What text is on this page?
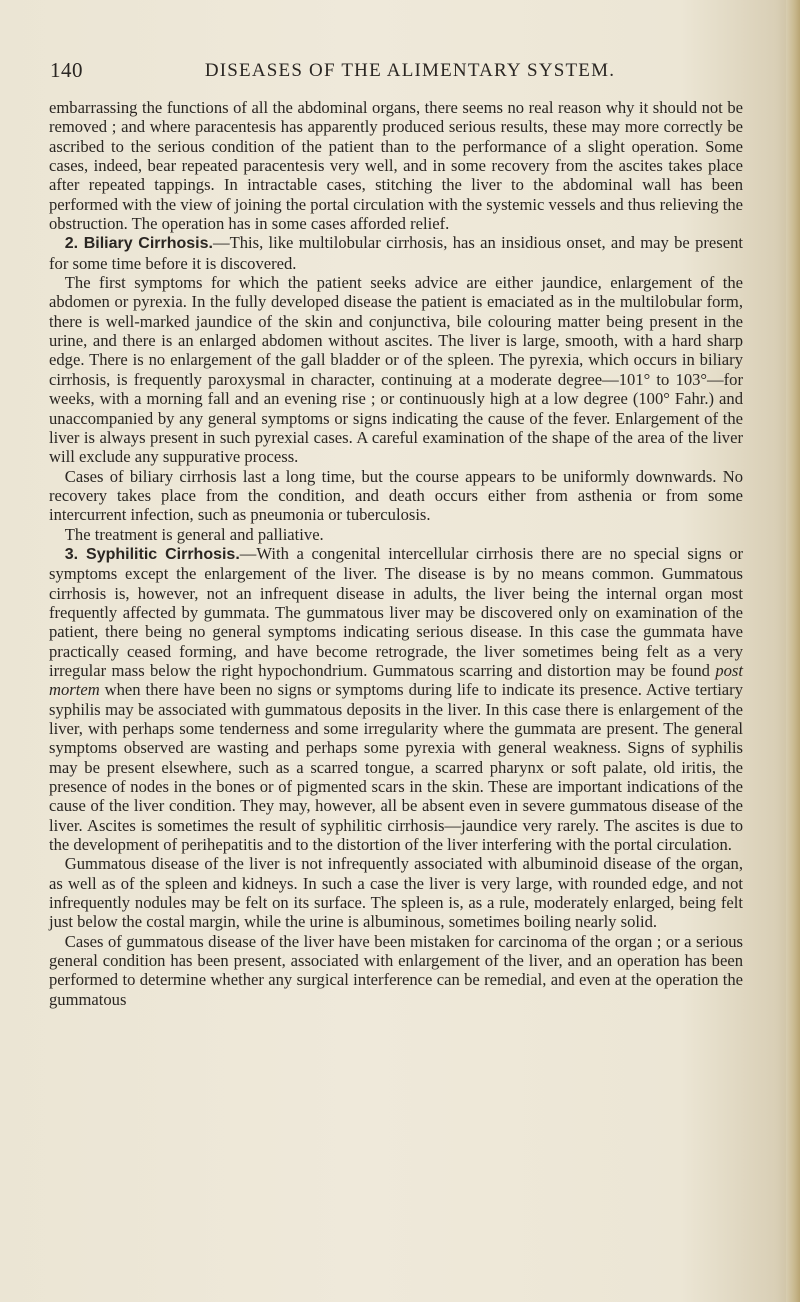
140	DISEASES OF THE ALIMENTARY SYSTEM.

embarrassing the functions of all the abdominal organs, there seems no real reason why it should not be removed ; and where paracentesis has apparently produced serious results, these may more correctly be ascribed to the serious condition of the patient than to the performance of a slight operation. Some cases, indeed, bear repeated paracentesis very well, and in some recovery from the ascites takes place after repeated tappings. In intractable cases, stitching the liver to the abdominal wall has been performed with the view of joining the portal circulation with the systemic vessels and thus relieving the obstruction. The operation has in some cases afforded relief.

2. Biliary Cirrhosis.—This, like multilobular cirrhosis, has an insidious onset, and may be present for some time before it is discovered.

The first symptoms for which the patient seeks advice are either jaundice, enlargement of the abdomen or pyrexia. In the fully developed disease the patient is emaciated as in the multilobular form, there is well-marked jaundice of the skin and conjunctiva, bile colouring matter being present in the urine, and there is an enlarged abdomen without ascites. The liver is large, smooth, with a hard sharp edge. There is no enlargement of the gall bladder or of the spleen. The pyrexia, which occurs in biliary cirrhosis, is frequently paroxysmal in character, continuing at a moderate degree—101° to 103°—for weeks, with a morning fall and an evening rise ; or continuously high at a low degree (100° Fahr.) and unaccompanied by any general symptoms or signs indicating the cause of the fever. Enlargement of the liver is always present in such pyrexial cases. A careful examination of the shape of the area of the liver will exclude any suppurative process.

Cases of biliary cirrhosis last a long time, but the course appears to be uniformly downwards. No recovery takes place from the condition, and death occurs either from asthenia or from some intercurrent infection, such as pneumonia or tuberculosis.

The treatment is general and palliative.

3. Syphilitic Cirrhosis.—With a congenital intercellular cirrhosis there are no special signs or symptoms except the enlargement of the liver. The disease is by no means common. Gummatous cirrhosis is, however, not an infrequent disease in adults, the liver being the internal organ most frequently affected by gummata. The gummatous liver may be discovered only on examination of the patient, there being no general symptoms indicating serious disease. In this case the gummata have practically ceased forming, and have become retrograde, the liver sometimes being felt as a very irregular mass below the right hypochondrium. Gummatous scarring and distortion may be found post mortem when there have been no signs or symptoms during life to indicate its presence. Active tertiary syphilis may be associated with gummatous deposits in the liver. In this case there is enlargement of the liver, with perhaps some tenderness and some irregularity where the gummata are present. The general symptoms observed are wasting and perhaps some pyrexia with general weakness. Signs of syphilis may be present elsewhere, such as a scarred tongue, a scarred pharynx or soft palate, old iritis, the presence of nodes in the bones or of pigmented scars in the skin. These are important indications of the cause of the liver condition. They may, however, all be absent even in severe gummatous disease of the liver. Ascites is sometimes the result of syphilitic cirrhosis—jaundice very rarely. The ascites is due to the development of perihepatitis and to the distortion of the liver interfering with the portal circulation.

Gummatous disease of the liver is not infrequently associated with albuminoid disease of the organ, as well as of the spleen and kidneys. In such a case the liver is very large, with rounded edge, and not infrequently nodules may be felt on its surface. The spleen is, as a rule, moderately enlarged, being felt just below the costal margin, while the urine is albuminous, sometimes boiling nearly solid.

Cases of gummatous disease of the liver have been mistaken for carcinoma of the organ ; or a serious general condition has been present, associated with enlargement of the liver, and an operation has been performed to determine whether any surgical interference can be remedial, and even at the operation the gummatous
